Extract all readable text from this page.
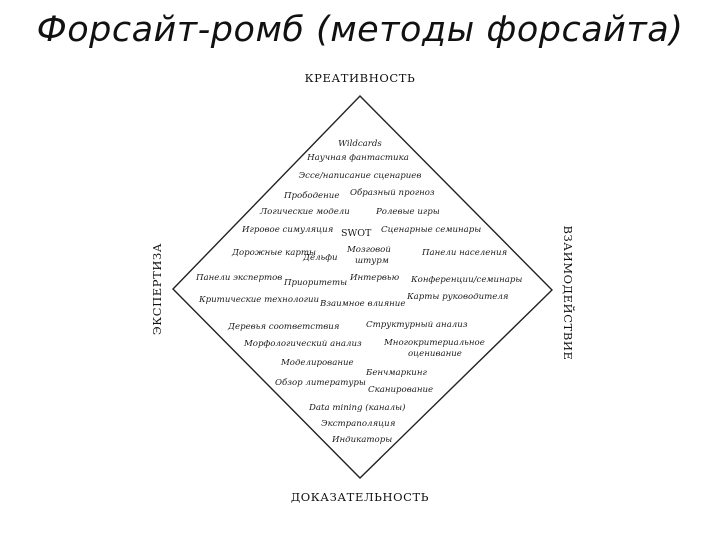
Форсайт-ромб (методы форсайта)
КРЕАТИВНОСТЬ
ДОКАЗАТЕЛЬНОСТЬ
ЭКСПЕРТИЗА	ВЗАИМОДЕЙСТВИЕ
Wildcards
Научная фантастика
Эссе/написание сценариев
Прободение Образный прогноз
Логические модели	Ролевые игры
Игровое симуляция SWOT Сценарные семинары
Дорожные карты
Дельфи
Мозговой
штурм
Панели населения
Панели экспертов Приоритеты Интервью Конференции/семинары
Критические технологии Взаимное влияние
Карты руководителя
Деревья соответствия	Структурный анализ
Морфологический анализ	Многокритериальное
оценивание
Моделирование
Бенчмаркинг
Обзор литературы
Сканирование
Data mining (каналы)
Экстраполяция
Индикаторы
